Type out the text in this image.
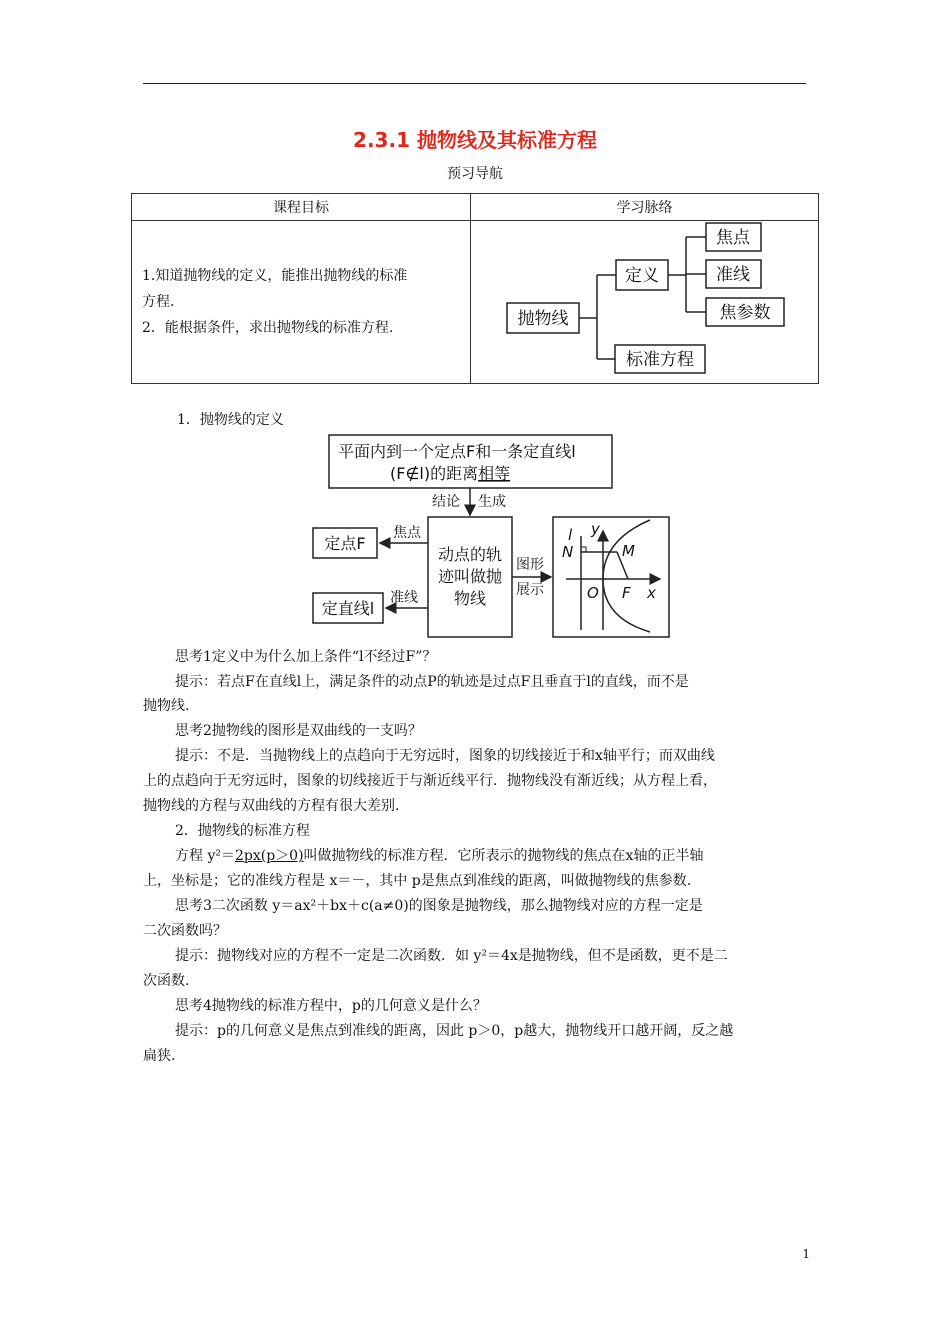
2.3.1 抛物线及其标准方程
预习导航
课程目标	学习脉络

1.知道抛物线的定义，能推出抛物线的标准
方程.
2．能根据条件，求出抛物线的标准方程.	
		抛物线
定义
焦点
准线
焦参数
标准方程
1．抛物线的定义
平面内到一个定点F和一条定直线l
(F∉l)的距离相等
结论 生成
动点的轨
迹叫做抛
物线
定点F
焦点
定直线l
准线
图形
展示
l y
N	M
O F x
思考1定义中为什么加上条件“l不经过F”？
提示：若点F在直线l上，满足条件的动点P的轨迹是过点F且垂直于l的直线，而不是
抛物线.
思考2抛物线的图形是双曲线的一支吗？
提示：不是．当抛物线上的点趋向于无穷远时，图象的切线接近于和x轴平行；而双曲线
上的点趋向于无穷远时，图象的切线接近于与渐近线平行．抛物线没有渐近线；从方程上看，
抛物线的方程与双曲线的方程有很大差别.
2．抛物线的标准方程
方程 y²＝2px(p＞0)叫做抛物线的标准方程．它所表示的抛物线的焦点在x轴的正半轴
上，坐标是；它的准线方程是 x＝－，其中 p是焦点到准线的距离，叫做抛物线的焦参数.
思考3二次函数 y＝ax²＋bx＋c(a≠0)的图象是抛物线，那么抛物线对应的方程一定是
二次函数吗？
提示：抛物线对应的方程不一定是二次函数．如 y²＝4x是抛物线，但不是函数，更不是二
次函数.
思考4抛物线的标准方程中，p的几何意义是什么？
提示：p的几何意义是焦点到准线的距离，因此 p＞0，p越大，抛物线开口越开阔，反之越
扁狭.
1
